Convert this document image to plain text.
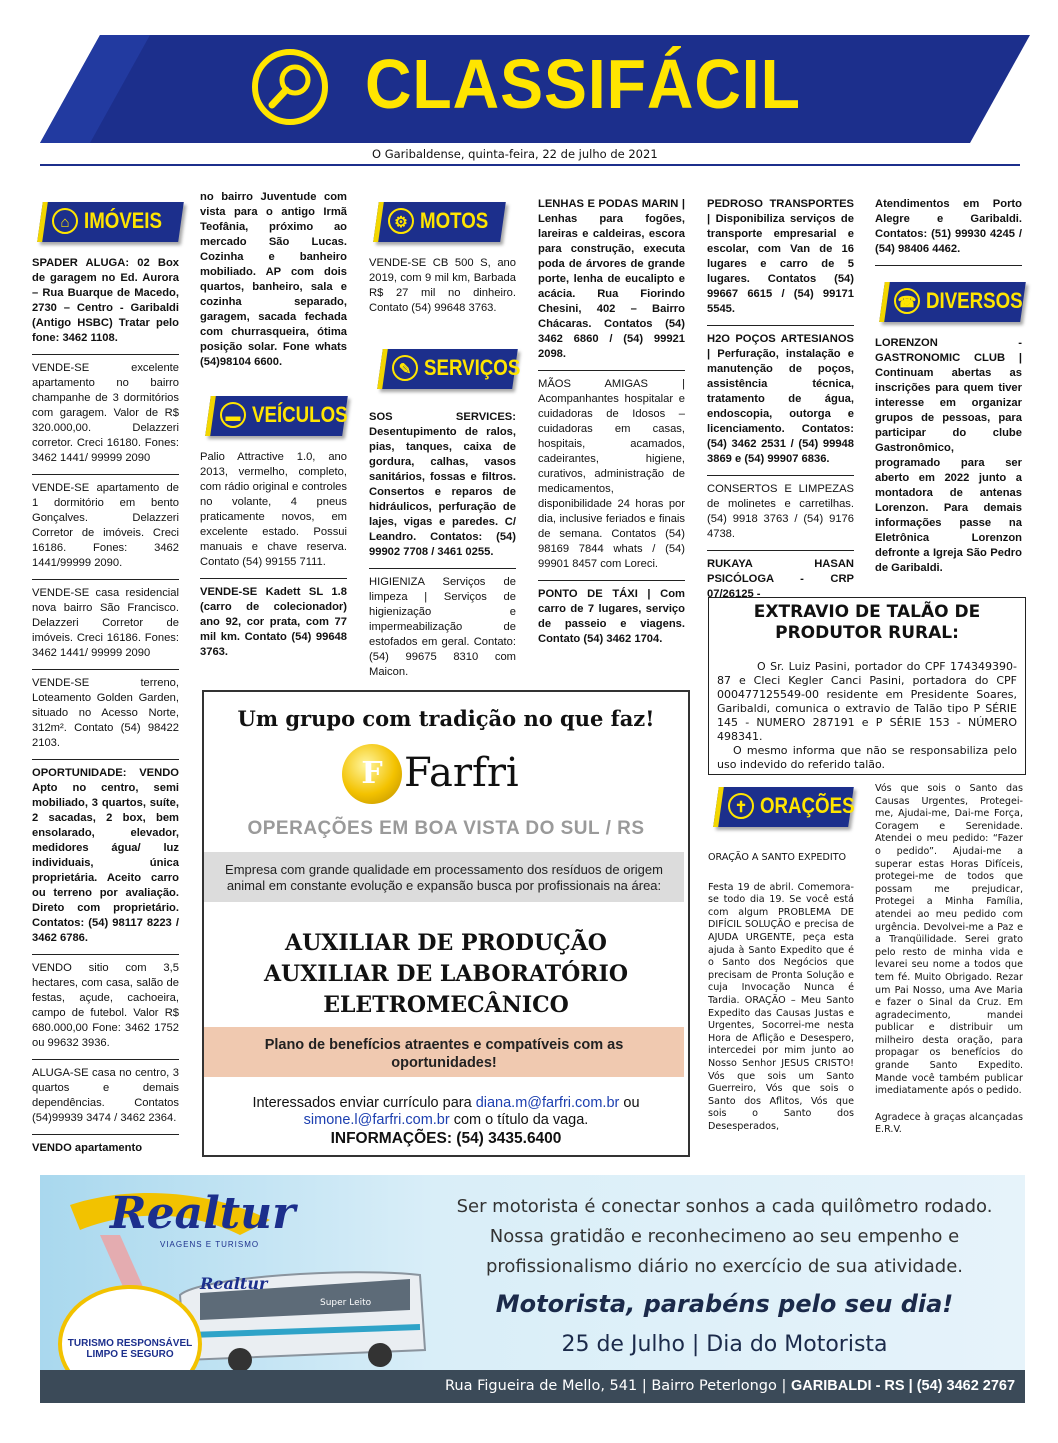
CLASSIFÁCIL
O Garibaldense, quinta-feira, 22 de julho de 2021
⌂ IMÓVEIS
▬ VEÍCULOS
⚙ MOTOS
✎ SERVIÇOS
☎ DIVERSOS
✝ ORAÇÕES

SPADER ALUGA: 02 Box de garagem no Ed. Aurora – Rua Buarque de Macedo, 2730 – Centro - Garibaldi (Antigo HSBC) Tratar pelo fone: 3462 1108.

VENDE-SE excelente apartamento no bairro champanhe de 3 dormitórios com garagem. Valor de R$ 320.000,00. Delazzeri corretor. Creci 16180. Fones: 3462 1441/ 99999 2090

VENDE-SE apartamento de 1 dormitório em bento Gonçalves. Delazzeri Corretor de imóveis. Creci 16186. Fones: 3462 1441/99999 2090.

VENDE-SE casa residencial nova bairro São Francisco. Delazzeri Corretor de imóveis. Creci 16186. Fones: 3462 1441/ 99999 2090

VENDE-SE terreno, Loteamento Golden Garden, situado no Acesso Norte, 312m². Contato (54) 98422 2103.

OPORTUNIDADE: VENDO Apto no centro, semi mobiliado, 3 quartos, suíte, 2 sacadas, 2 box, bem ensolarado, elevador, medidores água/ luz individuais, única proprietária. Aceito carro ou terreno por avaliação. Direto com proprietário. Contatos: (54) 98117 8223 / 3462 6786.

VENDO sitio com 3,5 hectares, com casa, salão de festas, açude, cachoeira, campo de futebol. Valor R$ 680.000,00 Fone: 3462 1752 ou 99632 3936.

ALUGA-SE casa no centro, 3 quartos e demais dependências. Contatos (54)99939 3474 / 3462 2364.

VENDO apartamento

no bairro Juventude com vista para o antigo Irmã Teofânia, próximo ao mercado São Lucas. Cozinha e banheiro mobiliado. AP com dois quartos, banheiro, sala e cozinha separado, garagem, sacada fechada com churrasqueira, ótima posição solar. Fone whats (54)98104 6600.

Palio Attractive 1.0, ano 2013, vermelho, completo, com rádio original e controles no volante, 4 pneus praticamente novos, em excelente estado. Possui manuais e chave reserva. Contato (54) 99155 7111.

VENDE-SE Kadett SL 1.8 (carro de colecionador) ano 92, cor prata, com 77 mil km. Contato (54) 99648 3763.

VENDE-SE CB 500 S, ano 2019, com 9 mil km, Barbada R$ 27 mil no dinheiro. Contato (54) 99648 3763.

SOS SERVICES: Desentupimento de ralos, pias, tanques, caixa de gordura, calhas, vasos sanitários, fossas e filtros. Consertos e reparos de hidráulicos, perfuração de lajes, vigas e paredes. C/ Leandro. Contatos: (54) 99902 7708 / 3461 0255.

HIGIENIZA Serviços de limpeza | Serviços de higienização e impermeabilização de estofados em geral. Contato: (54) 99675 8310 com Maicon.

LENHAS E PODAS MARIN | Lenhas para fogões, lareiras e caldeiras, escora para construção, executa poda de árvores de grande porte, lenha de eucalipto e acácia. Rua Fiorindo Chesini, 402 – Bairro Chácaras. Contatos (54) 3462 6860 / (54) 99921 2098.

MÃOS AMIGAS | Acompanhantes hospitalar e cuidadoras de Idosos – cuidadoras em casas, hospitais, acamados, cadeirantes, higiene, curativos, administração de medicamentos, disponibilidade 24 horas por dia, inclusive feriados e finais de semana. Contatos (54) 98169 7844 whats / (54) 99901 8457 com Loreci.

PONTO DE TÁXI | Com carro de 7 lugares, serviço de passeio e viagens. Contato (54) 3462 1704.

PEDROSO TRANSPORTES | Disponibiliza serviços de transporte empresarial e escolar, com Van de 16 lugares e carro de 5 lugares. Contatos (54) 99667 6615 / (54) 99171 5545.

H2O POÇOS ARTESIANOS | Perfuração, instalação e manutenção de poços, assistência técnica, tratamento de água, endoscopia, outorga e licenciamento. Contatos: (54) 3462 2531 / (54) 99948 3869 e (54) 99907 6836.

CONSERTOS E LIMPEZAS de molinetes e carretilhas. (54) 9918 3763 / (54) 9176 4738.

RUKAYA HASAN PSICÓLOGA - CRP 07/26125 -

Atendimentos em Porto Alegre e Garibaldi. Contatos: (51) 99930 4245 / (54) 98406 4462.

LORENZON - GASTRONOMIC CLUB | Continuam abertas as inscrições para quem tiver interesse em organizar grupos de pessoas, para participar do clube Gastronômico, programado para ser aberto em 2022 junto a montadora de antenas Lorenzon. Para demais informações passe na Eletrônica Lorenzon defronte a Igreja São Pedro de Garibaldi.

EXTRAVIO DE TALÃO DE PRODUTOR RURAL:

O Sr. Luiz Pasini, portador do CPF 174349390-87 e Cleci Kegler Canci Pasini, portadora do CPF 000477125549-00 residente em Presidente Soares, Garibaldi, comunica o extravio de Talão tipo P SÉRIE 145 - NUMERO 287191 e P SÉRIE 153 - NÚMERO 498341.

O mesmo informa que não se responsabiliza pelo uso indevido do referido talão.

Um grupo com tradição no que faz!
F Farfri
OPERAÇÕES EM BOA VISTA DO SUL / RS
Empresa com grande qualidade em processamento dos resíduos de origem animal em constante evolução e expansão busca por profissionais na área:
AUXILIAR DE PRODUÇÃO
AUXILIAR DE LABORATÓRIO
ELETROMECÂNICO
Plano de benefícios atraentes e compatíveis com as oportunidades!
Interessados enviar currículo para diana.m@farfri.com.br ou
simone.l@farfri.com.br com o título da vaga.
INFORMAÇÕES: (54) 3435.6400

ORAÇÃO A SANTO EXPEDITO

Festa 19 de abril. Comemora-se todo dia 19. Se você está com algum PROBLEMA DE DIFÍCIL SOLUÇÃO e precisa de AJUDA URGENTE, peça esta ajuda à Santo Expedito que é o Santo dos Negócios que precisam de Pronta Solução e cuja Invocação Nunca é Tardia. ORAÇÃO – Meu Santo Expedito das Causas Justas e Urgentes, Socorrei-me nesta Hora de Aflição e Desespero, intercedei por mim junto ao Nosso Senhor JESUS CRISTO! Vós que sois um Santo Guerreiro, Vós que sois o Santo dos Aflitos, Vós que sois o Santo dos Desesperados,

Vós que sois o Santo das Causas Urgentes, Protegei-me, Ajudai-me, Dai-me Força, Coragem e Serenidade. Atendei o meu pedido: “Fazer o pedido”. Ajudai-me a superar estas Horas Difíceis, protegei-me de todos que possam me prejudicar, Protegei a Minha Família, atendei ao meu pedido com urgência. Devolvei-me a Paz e a Tranqüilidade. Serei grato pelo resto de minha vida e levarei seu nome a todos que tem fé. Muito Obrigado. Rezar um Pai Nosso, uma Ave Maria e fazer o Sinal da Cruz. Em agradecimento, mandei publicar e distribuir um milheiro desta oração, para propagar os benefícios do grande Santo Expedito. Mande você também publicar imediatamente após o pedido.

Agradece à graças alcançadas E.R.V.

Realtur
VIAGENS E TURISMO
Realtur
Super Leito
TURISMO RESPONSÁVEL LIMPO E SEGURO
Ser motorista é conectar sonhos a cada quilômetro rodado.
Nossa gratidão e reconhecimeno ao seu empenho e
profissionalismo diário no exercício de sua atividade.
Motorista, parabéns pelo seu dia!
25 de Julho | Dia do Motorista
Rua Figueira de Mello, 541 | Bairro Peterlongo | GARIBALDI - RS | (54) 3462 2767
